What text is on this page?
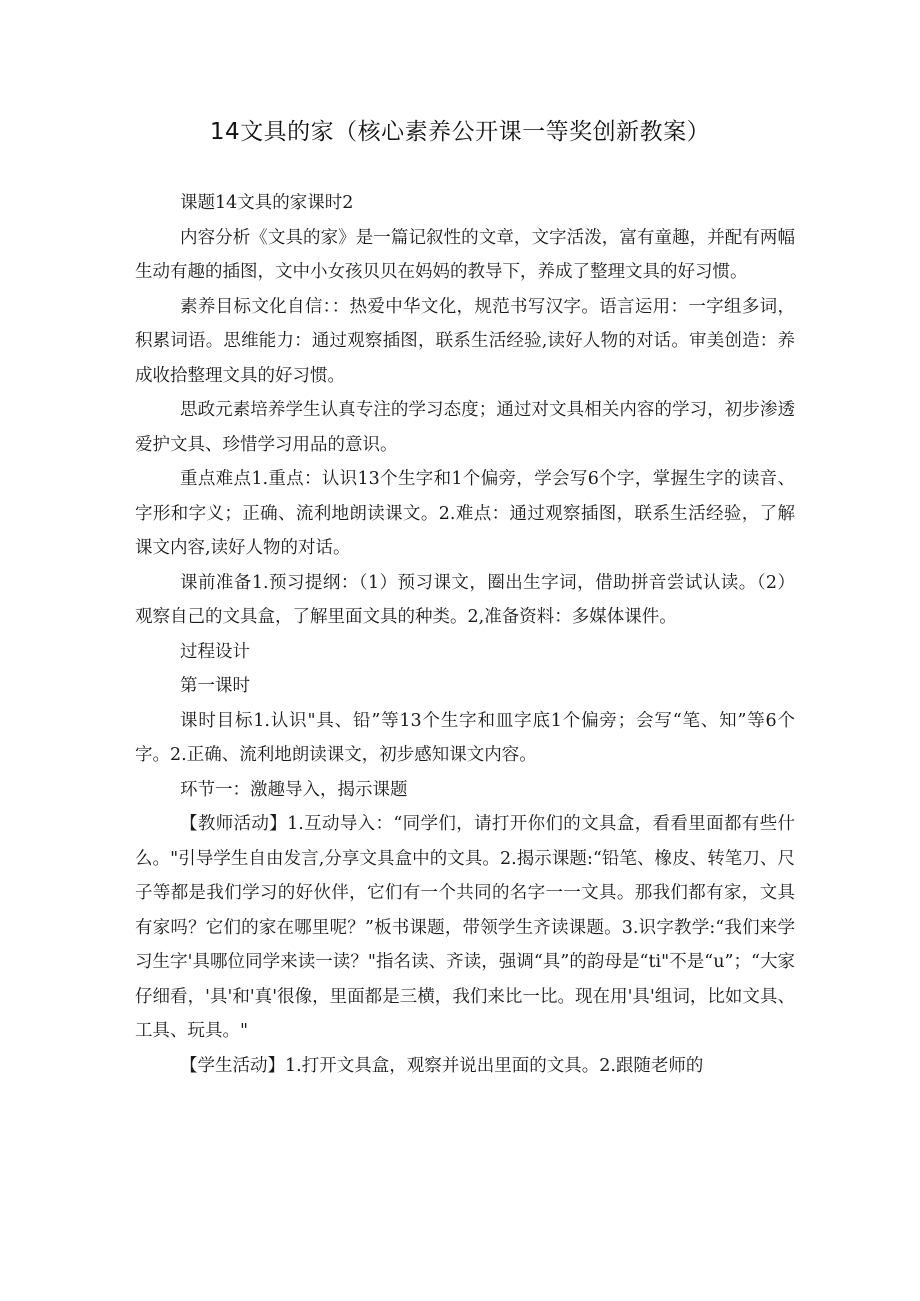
14文具的家（核心素养公开课一等奖创新教案）

课题14文具的家课时2

内容分析《文具的家》是一篇记叙性的文章，文字活泼，富有童趣，并配有两幅生动有趣的插图，文中小女孩贝贝在妈妈的教导下，养成了整理文具的好习惯。

素养目标文化自信：：热爱中华文化，规范书写汉字。语言运用：一字组多词，积累词语。思维能力：通过观察插图，联系生活经验,读好人物的对话。审美创造：养成收拾整理文具的好习惯。

思政元素培养学生认真专注的学习态度；通过对文具相关内容的学习，初步渗透爱护文具、珍惜学习用品的意识。

重点难点1.重点：认识13个生字和1个偏旁，学会写6个字，掌握生字的读音、字形和字义；正确、流利地朗读课文。2.难点：通过观察插图，联系生活经验，了解课文内容,读好人物的对话。

课前准备1.预习提纲：（1）预习课文，圈出生字词，借助拼音尝试认读。（2）观察自己的文具盒，了解里面文具的种类。2,准备资料：多媒体课件。

过程设计

第一课时

课时目标1.认识"具、铅”等13个生字和皿字底1个偏旁；会写“笔、知”等6个字。2.正确、流利地朗读课文，初步感知课文内容。

环节一：激趣导入，揭示课题

【教师活动】1.互动导入：“同学们，请打开你们的文具盒，看看里面都有些什么。"引导学生自由发言,分享文具盒中的文具。2.揭示课题:“铅笔、橡皮、转笔刀、尺子等都是我们学习的好伙伴，它们有一个共同的名字一一文具。那我们都有家，文具有家吗？它们的家在哪里呢？”板书课题，带领学生齐读课题。3.识字教学:“我们来学习生字'具哪位同学来读一读？"指名读、齐读，强调“具”的韵母是“ti"不是“u”；“大家仔细看，'具'和'真'很像，里面都是三横，我们来比一比。现在用'具'组词，比如文具、工具、玩具。"

【学生活动】1.打开文具盒，观察并说出里面的文具。2.跟随老师的
